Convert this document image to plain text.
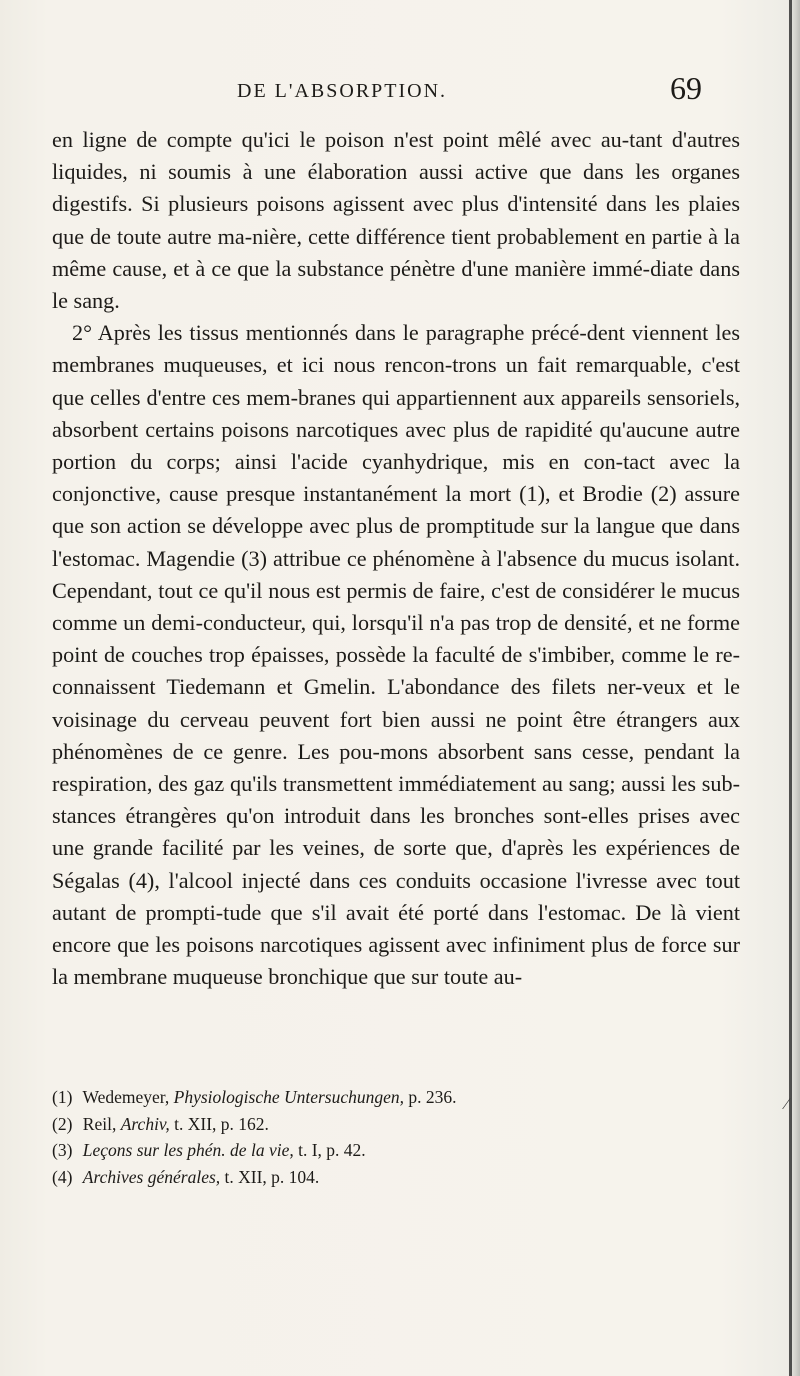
DE L'ABSORPTION.	69

en ligne de compte qu'ici le poison n'est point mêlé avec au-tant d'autres liquides, ni soumis à une élaboration aussi active que dans les organes digestifs. Si plusieurs poisons agissent avec plus d'intensité dans les plaies que de toute autre ma-nière, cette différence tient probablement en partie à la même cause, et à ce que la substance pénètre d'une manière immé-diate dans le sang.

2° Après les tissus mentionnés dans le paragraphe précé-dent viennent les membranes muqueuses, et ici nous rencon-trons un fait remarquable, c'est que celles d'entre ces mem-branes qui appartiennent aux appareils sensoriels, absorbent certains poisons narcotiques avec plus de rapidité qu'aucune autre portion du corps; ainsi l'acide cyanhydrique, mis en con-tact avec la conjonctive, cause presque instantanément la mort (1), et Brodie (2) assure que son action se développe avec plus de promptitude sur la langue que dans l'estomac. Magendie (3) attribue ce phénomène à l'absence du mucus isolant. Cependant, tout ce qu'il nous est permis de faire, c'est de considérer le mucus comme un demi-conducteur, qui, lorsqu'il n'a pas trop de densité, et ne forme point de couches trop épaisses, possède la faculté de s'imbiber, comme le re-connaissent Tiedemann et Gmelin. L'abondance des filets ner-veux et le voisinage du cerveau peuvent fort bien aussi ne point être étrangers aux phénomènes de ce genre. Les pou-mons absorbent sans cesse, pendant la respiration, des gaz qu'ils transmettent immédiatement au sang; aussi les sub-stances étrangères qu'on introduit dans les bronches sont-elles prises avec une grande facilité par les veines, de sorte que, d'après les expériences de Ségalas (4), l'alcool injecté dans ces conduits occasione l'ivresse avec tout autant de prompti-tude que s'il avait été porté dans l'estomac. De là vient encore que les poisons narcotiques agissent avec infiniment plus de force sur la membrane muqueuse bronchique que sur toute au-

(1) Wedemeyer, Physiologische Untersuchungen, p. 236.
(2) Reil, Archiv, t. XII, p. 162.
(3) Leçons sur les phén. de la vie, t. I, p. 42.
(4) Archives générales, t. XII, p. 104.
⁄
